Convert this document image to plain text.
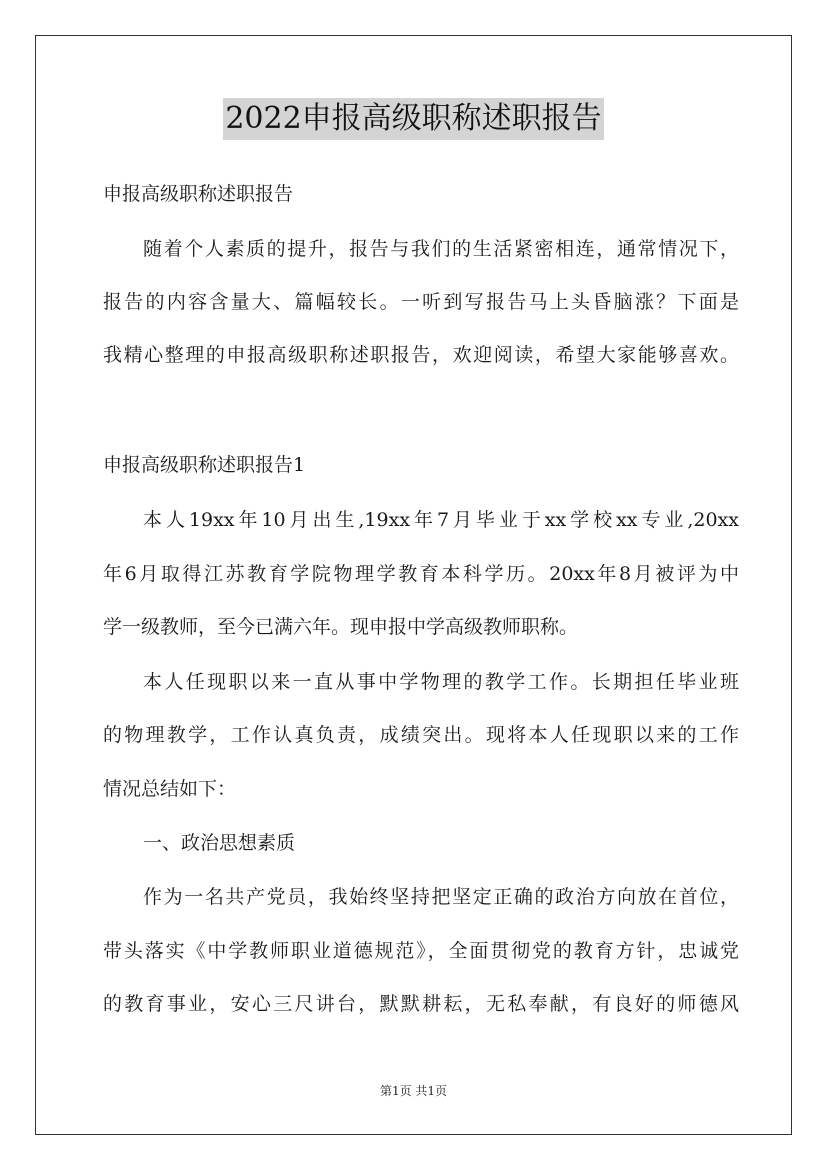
2022申报高级职称述职报告
申报高级职称述职报告
随着个人素质的提升，报告与我们的生活紧密相连，通常情况下，
报告的内容含量大、篇幅较长。一听到写报告马上头昏脑涨？下面是
我精心整理的申报高级职称述职报告，欢迎阅读，希望大家能够喜欢。
申报高级职称述职报告1
本人19xx年10月出生,19xx年7月毕业于xx学校xx专业,20xx
年6月取得江苏教育学院物理学教育本科学历。20xx年8月被评为中
学一级教师，至今已满六年。现申报中学高级教师职称。
本人任现职以来一直从事中学物理的教学工作。长期担任毕业班
的物理教学，工作认真负责，成绩突出。现将本人任现职以来的工作
情况总结如下：
一、政治思想素质
作为一名共产党员，我始终坚持把坚定正确的政治方向放在首位，
带头落实《中学教师职业道德规范》，全面贯彻党的教育方针，忠诚党
的教育事业，安心三尺讲台，默默耕耘，无私奉献，有良好的师德风
第1页 共1页
